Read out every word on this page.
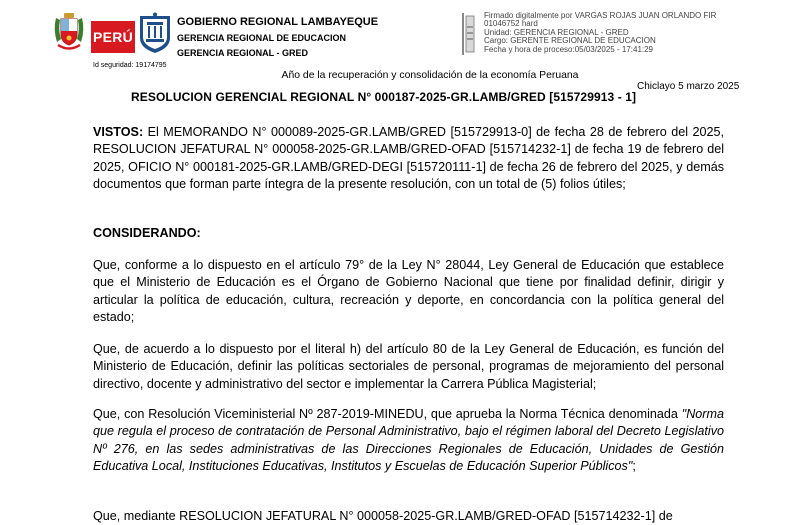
PERÚ
GOBIERNO REGIONAL LAMBAYEQUE
GERENCIA REGIONAL DE EDUCACION
GERENCIA REGIONAL - GRED
Id seguridad: 19174795
Firmado digitalmente por VARGAS ROJAS JUAN ORLANDO FIR
01046752 hard
Unidad: GERENCIA REGIONAL - GRED
Cargo: GERENTE REGIONAL DE EDUCACION
Fecha y hora de proceso:05/03/2025 - 17:41:29
Año de la recuperación y consolidación de la economía Peruana
Chiclayo 5 marzo 2025
RESOLUCION GERENCIAL REGIONAL N° 000187-2025-GR.LAMB/GRED [515729913 - 1]

VISTOS: El MEMORANDO N° 000089-2025-GR.LAMB/GRED [515729913-0] de fecha 28 de febrero del 2025, RESOLUCION JEFATURAL N° 000058-2025-GR.LAMB/GRED-OFAD [515714232-1] de fecha 19 de febrero del 2025, OFICIO N° 000181-2025-GR.LAMB/GRED-DEGI [515720111-1] de fecha 26 de febrero del 2025, y demás documentos que forman parte íntegra de la presente resolución, con un total de (5) folios útiles;

CONSIDERANDO:

Que, conforme a lo dispuesto en el artículo 79° de la Ley N° 28044, Ley General de Educación que establece que el Ministerio de Educación es el Órgano de Gobierno Nacional que tiene por finalidad definir, dirigir y articular la política de educación, cultura, recreación y deporte, en concordancia con la política general del estado;

Que, de acuerdo a lo dispuesto por el literal h) del artículo 80 de la Ley General de Educación, es función del Ministerio de Educación, definir las políticas sectoriales de personal, programas de mejoramiento del personal directivo, docente y administrativo del sector e implementar la Carrera Pública Magisterial;

Que, con Resolución Viceministerial Nº 287-2019-MINEDU, que aprueba la Norma Técnica denominada "Norma que regula el proceso de contratación de Personal Administrativo, bajo el régimen laboral del Decreto Legislativo Nº 276, en las sedes administrativas de las Direcciones Regionales de Educación, Unidades de Gestión Educativa Local, Instituciones Educativas, Institutos y Escuelas de Educación Superior Públicos";

Que, mediante RESOLUCION JEFATURAL N° 000058-2025-GR.LAMB/GRED-OFAD [515714232-1] de
